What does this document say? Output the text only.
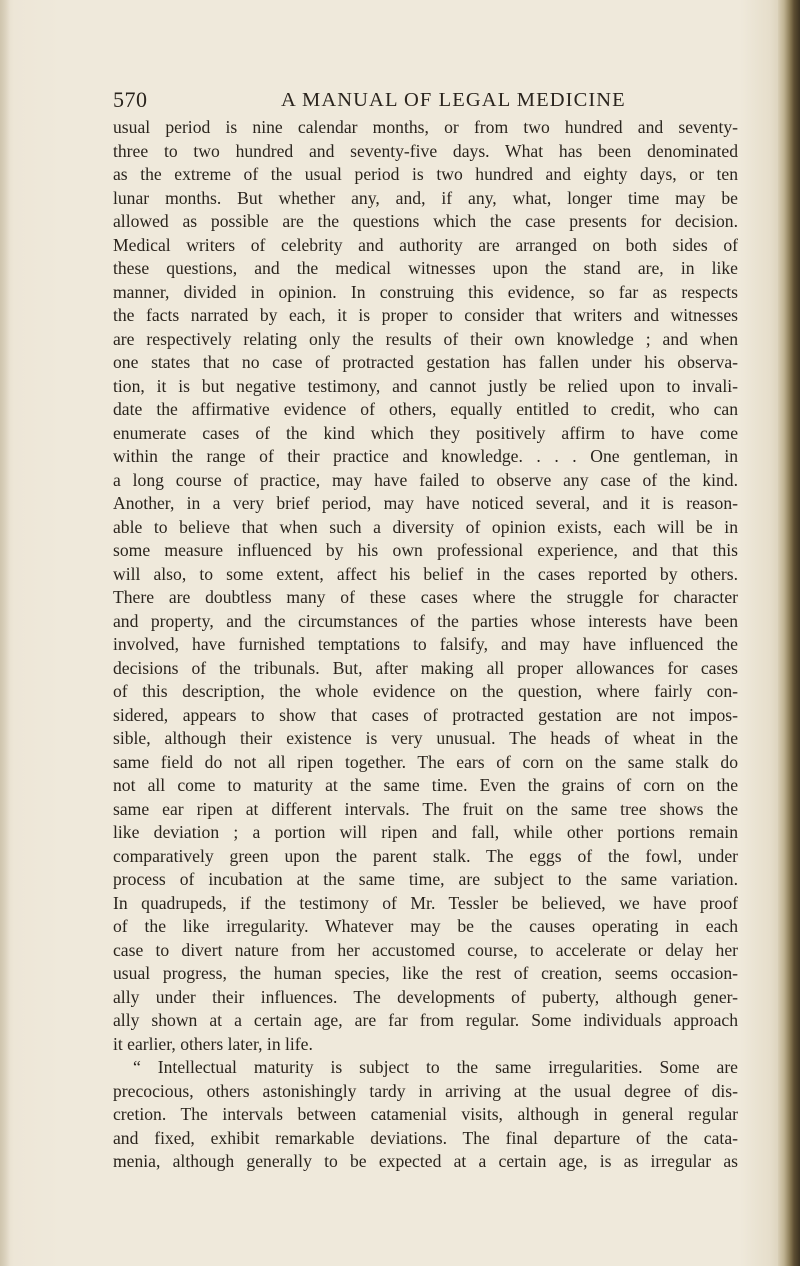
570	A MANUAL OF LEGAL MEDICINE
usual period is nine calendar months, or from two hundred and seventy-
three to two hundred and seventy-five days. What has been denominated
as the extreme of the usual period is two hundred and eighty days, or ten
lunar months. But whether any, and, if any, what, longer time may be
allowed as possible are the questions which the case presents for decision.
Medical writers of celebrity and authority are arranged on both sides of
these questions, and the medical witnesses upon the stand are, in like
manner, divided in opinion. In construing this evidence, so far as respects
the facts narrated by each, it is proper to consider that writers and witnesses
are respectively relating only the results of their own knowledge ; and when
one states that no case of protracted gestation has fallen under his observa-
tion, it is but negative testimony, and cannot justly be relied upon to invali-
date the affirmative evidence of others, equally entitled to credit, who can
enumerate cases of the kind which they positively affirm to have come
within the range of their practice and knowledge. . . . One gentleman, in
a long course of practice, may have failed to observe any case of the kind.
Another, in a very brief period, may have noticed several, and it is reason-
able to believe that when such a diversity of opinion exists, each will be in
some measure influenced by his own professional experience, and that this
will also, to some extent, affect his belief in the cases reported by others.
There are doubtless many of these cases where the struggle for character
and property, and the circumstances of the parties whose interests have been
involved, have furnished temptations to falsify, and may have influenced the
decisions of the tribunals. But, after making all proper allowances for cases
of this description, the whole evidence on the question, where fairly con-
sidered, appears to show that cases of protracted gestation are not impos-
sible, although their existence is very unusual. The heads of wheat in the
same field do not all ripen together. The ears of corn on the same stalk do
not all come to maturity at the same time. Even the grains of corn on the
same ear ripen at different intervals. The fruit on the same tree shows the
like deviation ; a portion will ripen and fall, while other portions remain
comparatively green upon the parent stalk. The eggs of the fowl, under
process of incubation at the same time, are subject to the same variation.
In quadrupeds, if the testimony of Mr. Tessler be believed, we have proof
of the like irregularity. Whatever may be the causes operating in each
case to divert nature from her accustomed course, to accelerate or delay her
usual progress, the human species, like the rest of creation, seems occasion-
ally under their influences. The developments of puberty, although gener-
ally shown at a certain age, are far from regular. Some individuals approach
it earlier, others later, in life.
“ Intellectual maturity is subject to the same irregularities. Some are
precocious, others astonishingly tardy in arriving at the usual degree of dis-
cretion. The intervals between catamenial visits, although in general regular
and fixed, exhibit remarkable deviations. The final departure of the cata-
menia, although generally to be expected at a certain age, is as irregular as
